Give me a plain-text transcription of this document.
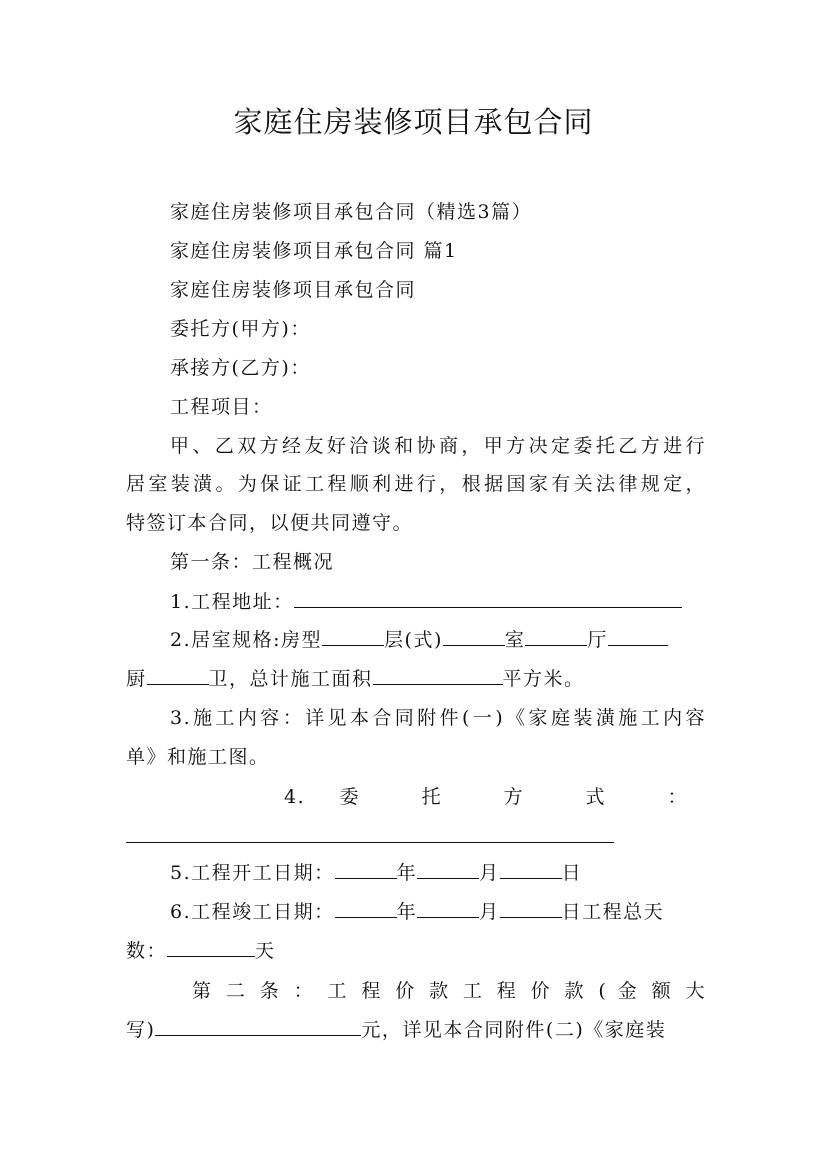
家庭住房装修项目承包合同
家庭住房装修项目承包合同（精选3篇）
家庭住房装修项目承包合同 篇1
家庭住房装修项目承包合同
委托方(甲方)：
承接方(乙方)：
工程项目：
甲、乙双方经友好洽谈和协商，甲方决定委托乙方进行
居室装潢。为保证工程顺利进行，根据国家有关法律规定，
特签订本合同，以便共同遵守。
第一条：工程概况
1.工程地址：
2.居室规格:房型	层(式)	室	厅
厨	卫，总计施工面积	平方米。
3.施工内容：详见本合同附件(一)《家庭装潢施工内容
单》和施工图。
4. 委 托 方 式 ：
5.工程开工日期：	年	月	日
6.工程竣工日期：	年	月	日工程总天
数：	天
第 二 条 ： 工 程 价 款 工 程 价 款 ( 金 额 大
写)	元，详见本合同附件(二)《家庭装
